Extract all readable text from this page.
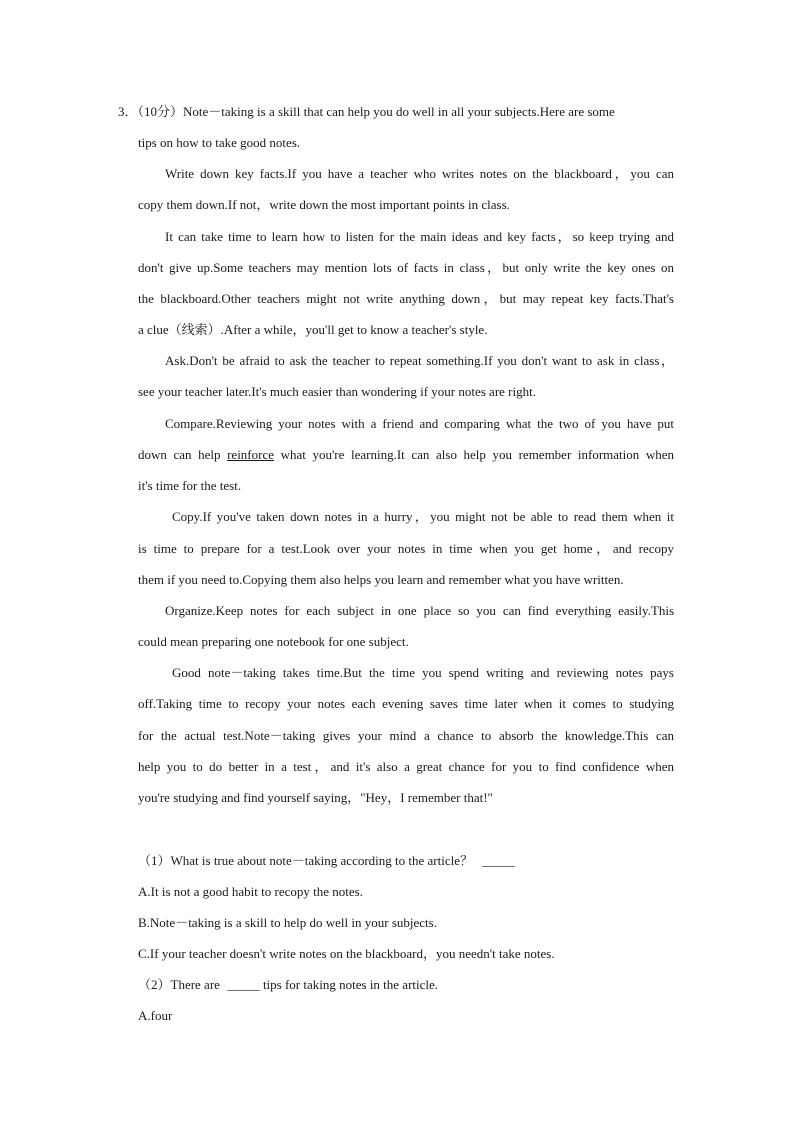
3．（10分）Note－taking is a skill that can help you do well in all your subjects.Here are some
tips on how to take good notes.
Write down key facts.If you have a teacher who writes notes on the blackboard，you can
copy them down.If not，write down the most important points in class.
It can take time to learn how to listen for the main ideas and key facts，so keep trying and
don't give up.Some teachers may mention lots of facts in class，but only write the key ones on
the blackboard.Other teachers might not write anything down，but may repeat key facts.That's
a clue（线索）.After a while，you'll get to know a teacher's style.
Ask.Don't be afraid to ask the teacher to repeat something.If you don't want to ask in class，
see your teacher later.It's much easier than wondering if your notes are right.
Compare.Reviewing your notes with a friend and comparing what the two of you have put
down can help reinforce what you're learning.It can also help you remember information when
it's time for the test.
Copy.If you've taken down notes in a hurry，you might not be able to read them when it
is time to prepare for a test.Look over your notes in time when you get home，and recopy
them if you need to.Copying them also helps you learn and remember what you have written.
Organize.Keep notes for each subject in one place so you can find everything easily.This
could mean preparing one notebook for one subject.
Good note－taking takes time.But the time you spend writing and reviewing notes pays
off.Taking time to recopy your notes each evening saves time later when it comes to studying
for the actual test.Note－taking gives your mind a chance to absorb the knowledge.This can
help you to do better in a test，and it's also a great chance for you to find confidence when
you're studying and find yourself saying，"Hey，I remember that!"
（1）What is true about note－taking according to the article？ _____
A.It is not a good habit to recopy the notes.
B.Note－taking is a skill to help do well in your subjects.
C.If your teacher doesn't write notes on the blackboard，you needn't take notes.
（2）There are _____ tips for taking notes in the article.
A.four
